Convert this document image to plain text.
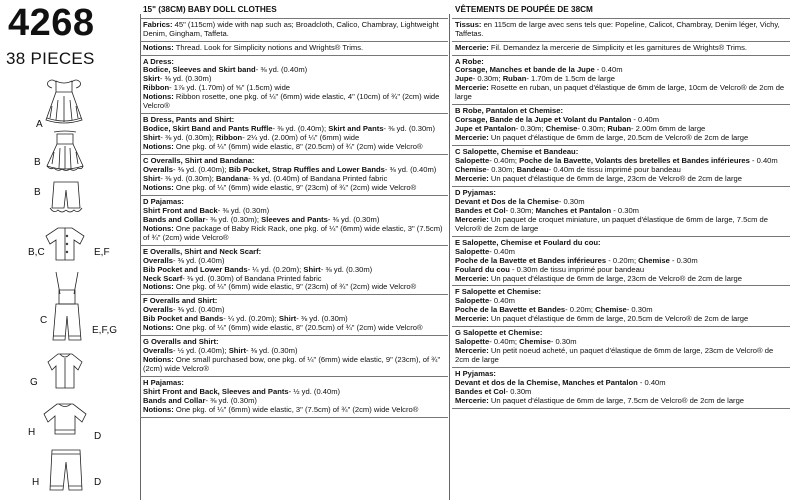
4268
38 PIECES
A
B
B
B,C	E,F
C
E,F,G
G
H	D
H	D
15" (38CM) BABY DOLL CLOTHES
Fabrics: 45" (115cm) wide with nap such as; Broadcloth, Calico, Chambray, Lightweight Denim, Gingham, Taffeta.
Notions: Thread. Look for Simplicity notions and Wrights® Trims.
A Dress:
Bodice, Sleeves and Skirt band- ⅜ yd. (0.40m)
Skirt- ⅜ yd. (0.30m)
Ribbon- 1⅞ yd. (1.70m) of ⅝" (1.5cm) wide
Notions: Ribbon rosette, one pkg. of ¼" (6mm) wide elastic, 4" (10cm) of ¾" (2cm) wide Velcro®
B Dress, Pants and Shirt:
Bodice, Skirt Band and Pants Ruffle- ⅜ yd. (0.40m); Skirt and Pants- ⅜ yd. (0.30m)
Shirt- ⅜ yd. (0.30m); Ribbon- 2¼ yd. (2.00m) of ¼" (6mm) wide
Notions: One pkg. of ¼" (6mm) wide elastic, 8" (20.5cm) of ¾" (2cm) wide Velcro®
C Overalls, Shirt and Bandana:
Overalls- ⅜ yd. (0.40m); Bib Pocket, Strap Ruffles and Lower Bands- ⅜ yd. (0.40m)
Shirt- ⅜ yd. (0.30m); Bandana- ⅜ yd. (0.40m) of Bandana Printed fabric
Notions: One pkg. of ¼" (6mm) wide elastic, 9" (23cm) of ¾" (2cm) wide Velcro®
D Pajamas:
Shirt Front and Back- ⅜ yd. (0.30m)
Bands and Collar- ⅜ yd. (0.30m); Sleeves and Pants- ⅜ yd. (0.30m)
Notions: One package of Baby Rick Rack, one pkg. of ¼" (6mm) wide elastic, 3" (7.5cm) of ¾" (2cm) wide Velcro®
E Overalls, Shirt and Neck Scarf:
Overalls- ⅜ yd. (0.40m)
Bib Pocket and Lower Bands- ¼ yd. (0.20m); Shirt- ⅜ yd. (0.30m)
Neck Scarf- ⅜ yd. (0.30m) of Bandana Printed fabric
Notions: One pkg. of ¼" (6mm) wide elastic, 9" (23cm) of ¾" (2cm) wide Velcro®
F Overalls and Shirt:
Overalls- ⅜ yd. (0.40m)
Bib Pocket and Bands- ¼ yd. (0.20m); Shirt- ⅜ yd. (0.30m)
Notions: One pkg. of ¼" (6mm) wide elastic, 8" (20.5cm) of ¾" (2cm) wide Velcro®
G Overalls and Shirt:
Overalls- ½ yd. (0.40m); Shirt- ⅜ yd. (0.30m)
Notions: One small purchased bow, one pkg. of ¼" (6mm) wide elastic, 9" (23cm), of ¾" (2cm) wide Velcro®
H Pajamas:
Shirt Front and Back, Sleeves and Pants- ½ yd. (0.40m)
Bands and Collar- ⅜ yd. (0.30m)
Notions: One pkg. of ¼" (6mm) wide elastic, 3" (7.5cm) of ¾" (2cm) wide Velcro®
VÊTEMENTS DE POUPÉE DE 38CM
Tissus: en 115cm de large avec sens tels que: Popeline, Calicot, Chambray, Denim léger, Vichy, Taffetas.
Mercerie: Fil. Demandez la mercerie de Simplicity et les garnitures de Wrights® Trims.
A Robe:
Corsage, Manches et bande de la Jupe - 0.40m
Jupe- 0.30m; Ruban- 1.70m de 1.5cm de large
Mercerie: Rosette en ruban, un paquet d'élastique de 6mm de large, 10cm de Velcro® de 2cm de large
B Robe, Pantalon et Chemise:
Corsage, Bande de la Jupe et Volant du Pantalon - 0.40m
Jupe et Pantalon- 0.30m; Chemise- 0.30m; Ruban- 2.00m 6mm de large
Mercerie: Un paquet d'élastique de 6mm de large, 20.5cm de Velcro® de 2cm de large
C Salopette, Chemise et Bandeau:
Salopette- 0.40m; Poche de la Bavette, Volants des bretelles et Bandes inférieures - 0.40m
Chemise- 0.30m; Bandeau- 0.40m de tissu imprimé pour bandeau
Mercerie: Un paquet d'élastique de 6mm de large, 23cm de Velcro® de 2cm de large
D Pyjamas:
Devant et Dos de la Chemise- 0.30m
Bandes et Col- 0.30m; Manches et Pantalon - 0.30m
Mercerie: Un paquet de croquet miniature, un paquet d'élastique de 6mm de large, 7.5cm de Velcro® de 2cm de large
E Salopette, Chemise et Foulard du cou:
Salopette- 0.40m
Poche de la Bavette et Bandes inférieures - 0.20m; Chemise - 0.30m
Foulard du cou - 0.30m de tissu imprimé pour bandeau
Mercerie: Un paquet d'élastique de 6mm de large, 23cm de Velcro® de 2cm de large
F Salopette et Chemise:
Salopette- 0.40m
Poche de la Bavette et Bandes- 0.20m; Chemise- 0.30m
Mercerie: Un paquet d'élastique de 6mm de large, 20.5cm de Velcro® de 2cm de large
G Salopette et Chemise:
Salopette- 0.40m; Chemise- 0.30m
Mercerie: Un petit noeud acheté, un paquet d'élastique de 6mm de large, 23cm de Velcro® de 2cm de large
H Pyjamas:
Devant et dos de la Chemise, Manches et Pantalon - 0.40m
Bandes et Col- 0.30m
Mercerie: Un paquet d'élastique de 6mm de large, 7.5cm de Velcro® de 2cm de large
